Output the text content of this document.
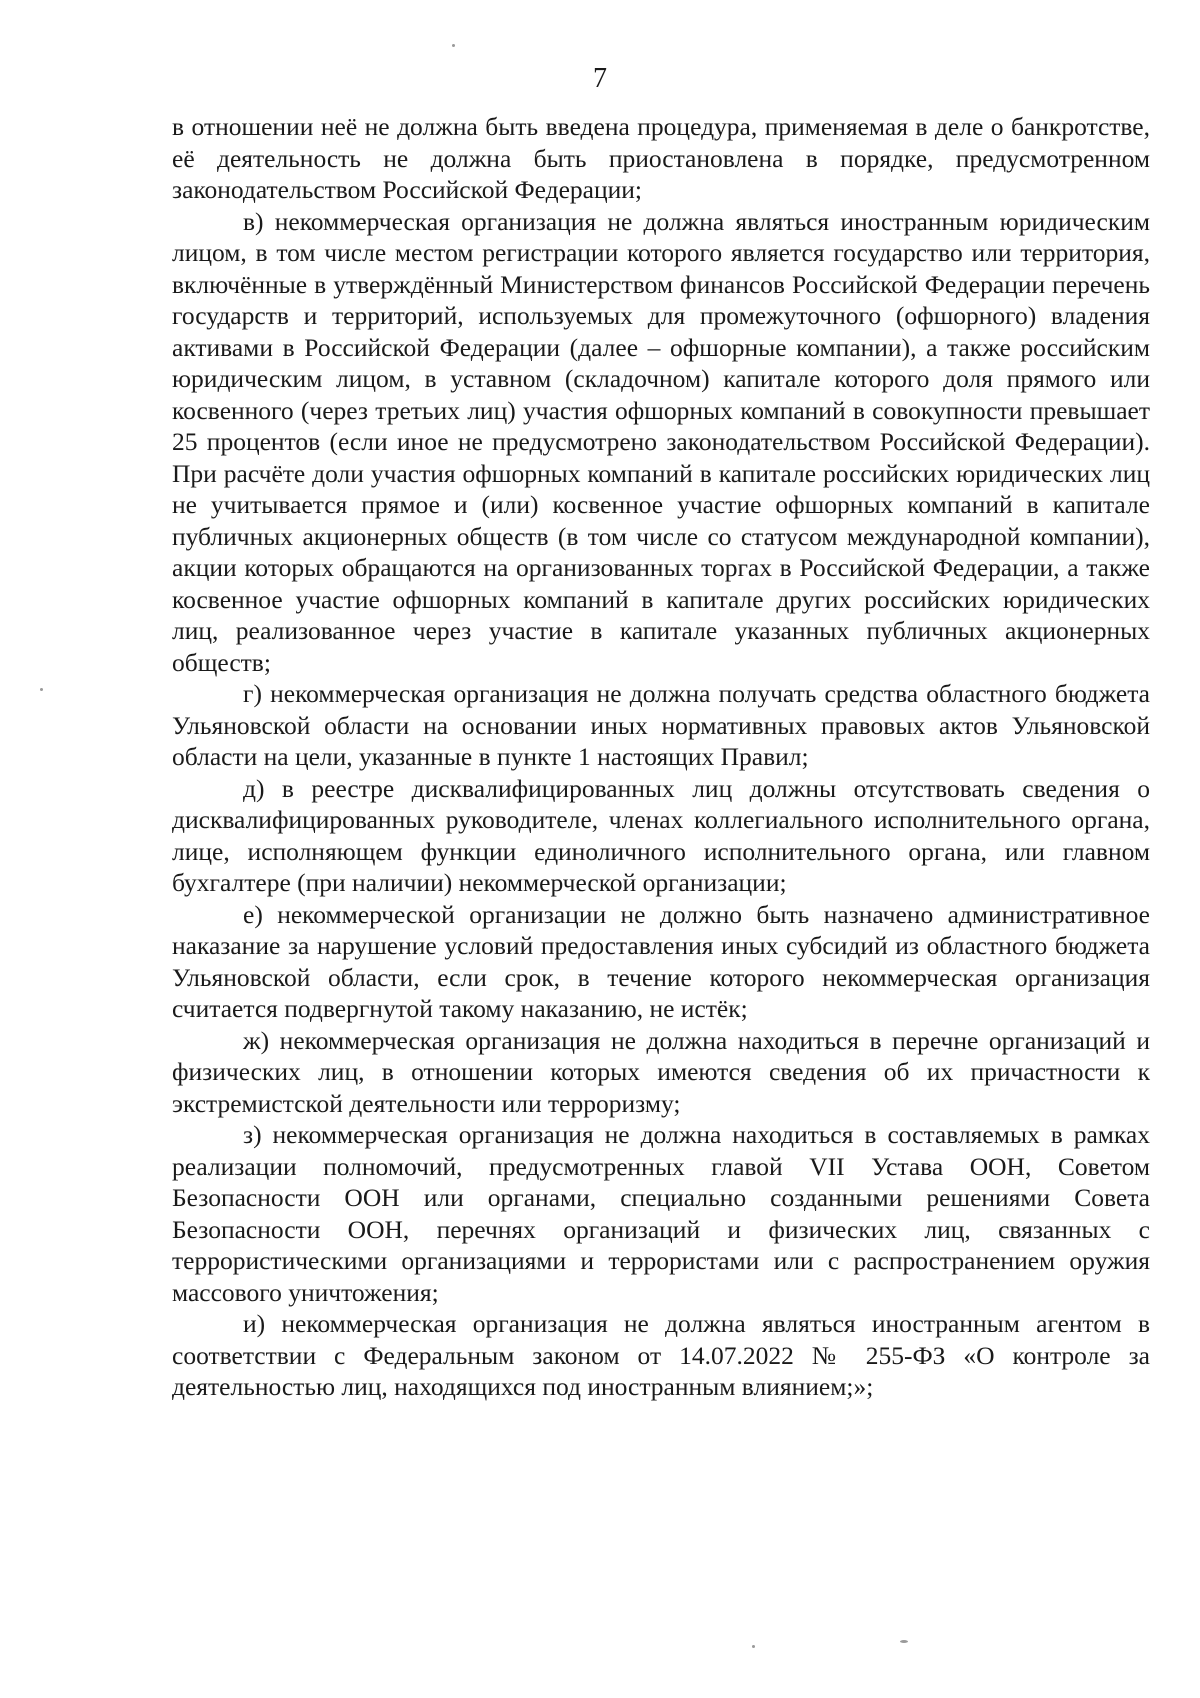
7

в отношении неё не должна быть введена процедура, применяемая в деле о банкротстве, её деятельность не должна быть приостановлена в порядке, предусмотренном законодательством Российской Федерации;

в) некоммерческая организация не должна являться иностранным юридическим лицом, в том числе местом регистрации которого является государство или территория, включённые в утверждённый Министерством финансов Российской Федерации перечень государств и территорий, используемых для промежуточного (офшорного) владения активами в Российской Федерации (далее – офшорные компании), а также российским юридическим лицом, в уставном (складочном) капитале которого доля прямого или косвенного (через третьих лиц) участия офшорных компаний в совокупности превышает 25 процентов (если иное не предусмотрено законодательством Российской Федерации). При расчёте доли участия офшорных компаний в капитале российских юридических лиц не учитывается прямое и (или) косвенное участие офшорных компаний в капитале публичных акционерных обществ (в том числе со статусом международной компании), акции которых обращаются на организованных торгах в Российской Федерации, а также косвенное участие офшорных компаний в капитале других российских юридических лиц, реализованное через участие в капитале указанных публичных акционерных обществ;

г) некоммерческая организация не должна получать средства областного бюджета Ульяновской области на основании иных нормативных правовых актов Ульяновской области на цели, указанные в пункте 1 настоящих Правил;

д) в реестре дисквалифицированных лиц должны отсутствовать сведения о дисквалифицированных руководителе, членах коллегиального исполнительного органа, лице, исполняющем функции единоличного исполнительного органа, или главном бухгалтере (при наличии) некоммерческой организации;

е) некоммерческой организации не должно быть назначено административное наказание за нарушение условий предоставления иных субсидий из областного бюджета Ульяновской области, если срок, в течение которого некоммерческая организация считается подвергнутой такому наказанию, не истёк;

ж) некоммерческая организация не должна находиться в перечне организаций и физических лиц, в отношении которых имеются сведения об их причастности к экстремистской деятельности или терроризму;

з) некоммерческая организация не должна находиться в составляемых в рамках реализации полномочий, предусмотренных главой VII Устава ООН, Советом Безопасности ООН или органами, специально созданными решениями Совета Безопасности ООН, перечнях организаций и физических лиц, связанных с террористическими организациями и террористами или с распространением оружия массового уничтожения;

и) некоммерческая организация не должна являться иностранным агентом в соответствии с Федеральным законом от 14.07.2022 № 255-ФЗ «О контроле за деятельностью лиц, находящихся под иностранным влиянием;»;
